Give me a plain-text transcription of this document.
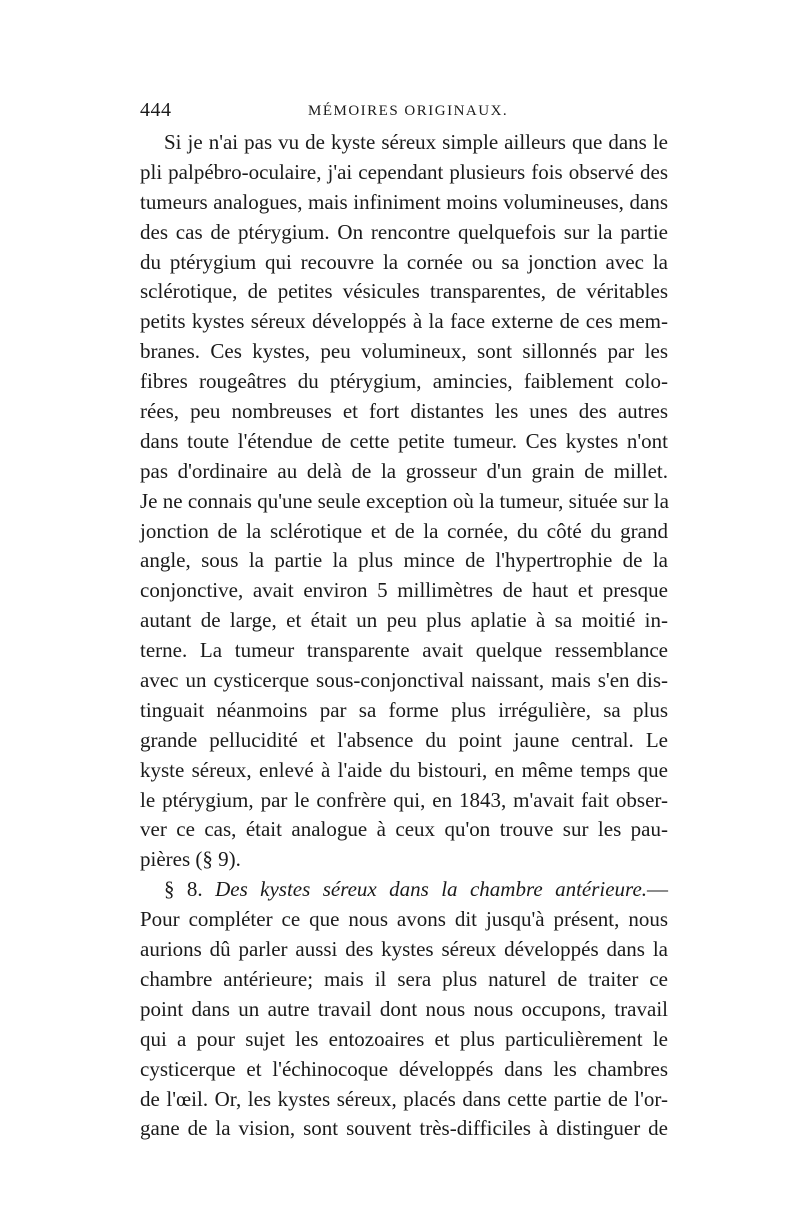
444	MÉMOIRES ORIGINAUX.
Si je n'ai pas vu de kyste séreux simple ailleurs que dans le
pli palpébro-oculaire, j'ai cependant plusieurs fois observé des
tumeurs analogues, mais infiniment moins volumineuses, dans
des cas de ptérygium. On rencontre quelquefois sur la partie
du ptérygium qui recouvre la cornée ou sa jonction avec la
sclérotique, de petites vésicules transparentes, de véritables
petits kystes séreux développés à la face externe de ces mem-
branes. Ces kystes, peu volumineux, sont sillonnés par les
fibres rougeâtres du ptérygium, amincies, faiblement colo-
rées, peu nombreuses et fort distantes les unes des autres
dans toute l'étendue de cette petite tumeur. Ces kystes n'ont
pas d'ordinaire au delà de la grosseur d'un grain de millet.
Je ne connais qu'une seule exception où la tumeur, située sur la
jonction de la sclérotique et de la cornée, du côté du grand
angle, sous la partie la plus mince de l'hypertrophie de la
conjonctive, avait environ 5 millimètres de haut et presque
autant de large, et était un peu plus aplatie à sa moitié in-
terne. La tumeur transparente avait quelque ressemblance
avec un cysticerque sous-conjonctival naissant, mais s'en dis-
tinguait néanmoins par sa forme plus irrégulière, sa plus
grande pellucidité et l'absence du point jaune central. Le
kyste séreux, enlevé à l'aide du bistouri, en même temps que
le ptérygium, par le confrère qui, en 1843, m'avait fait obser-
ver ce cas, était analogue à ceux qu'on trouve sur les pau-
pières (§ 9).
§ 8. Des kystes séreux dans la chambre antérieure.—
Pour compléter ce que nous avons dit jusqu'à présent, nous
aurions dû parler aussi des kystes séreux développés dans la
chambre antérieure; mais il sera plus naturel de traiter ce
point dans un autre travail dont nous nous occupons, travail
qui a pour sujet les entozoaires et plus particulièrement le
cysticerque et l'échinocoque développés dans les chambres
de l'œil. Or, les kystes séreux, placés dans cette partie de l'or-
gane de la vision, sont souvent très-difficiles à distinguer de
